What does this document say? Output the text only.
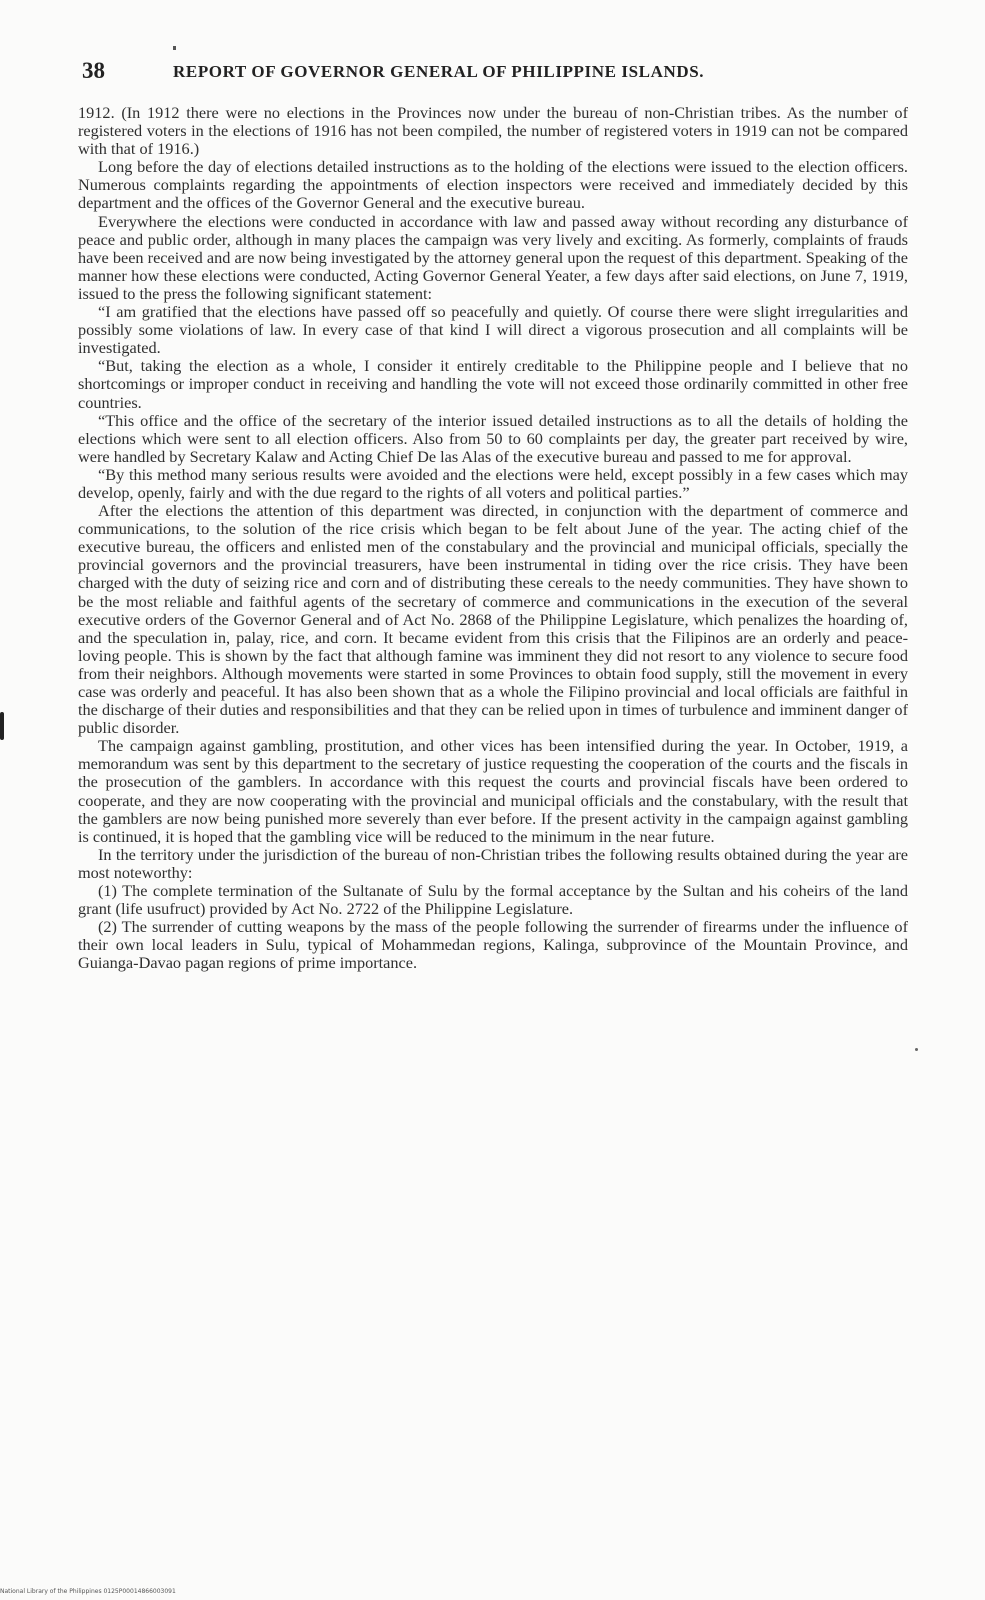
38	REPORT OF GOVERNOR GENERAL OF PHILIPPINE ISLANDS.

1912. (In 1912 there were no elections in the Provinces now under the bureau of non-Christian tribes. As the number of registered voters in the elections of 1916 has not been compiled, the number of registered voters in 1919 can not be compared with that of 1916.)

Long before the day of elections detailed instructions as to the holding of the elections were issued to the election officers. Numerous complaints regarding the appointments of election inspectors were received and immediately decided by this department and the offices of the Governor General and the executive bureau.

Everywhere the elections were conducted in accordance with law and passed away without recording any disturbance of peace and public order, although in many places the campaign was very lively and exciting. As formerly, complaints of frauds have been received and are now being investigated by the attorney general upon the request of this department. Speaking of the manner how these elections were conducted, Acting Governor General Yeater, a few days after said elections, on June 7, 1919, issued to the press the following significant statement:

“I am gratified that the elections have passed off so peacefully and quietly. Of course there were slight irregularities and possibly some violations of law. In every case of that kind I will direct a vigorous prosecution and all complaints will be investigated.

“But, taking the election as a whole, I consider it entirely creditable to the Philippine people and I believe that no shortcomings or improper conduct in receiving and handling the vote will not exceed those ordinarily committed in other free countries.

“This office and the office of the secretary of the interior issued detailed instructions as to all the details of holding the elections which were sent to all election officers. Also from 50 to 60 complaints per day, the greater part received by wire, were handled by Secretary Kalaw and Acting Chief De las Alas of the executive bureau and passed to me for approval.

“By this method many serious results were avoided and the elections were held, except possibly in a few cases which may develop, openly, fairly and with the due regard to the rights of all voters and political parties.”

After the elections the attention of this department was directed, in conjunction with the department of commerce and communications, to the solution of the rice crisis which began to be felt about June of the year. The acting chief of the executive bureau, the officers and enlisted men of the constabulary and the provincial and municipal officials, specially the provincial governors and the provincial treasurers, have been instrumental in tiding over the rice crisis. They have been charged with the duty of seizing rice and corn and of distributing these cereals to the needy communities. They have shown to be the most reliable and faithful agents of the secretary of commerce and communications in the execution of the several executive orders of the Governor General and of Act No. 2868 of the Philippine Legislature, which penalizes the hoarding of, and the speculation in, palay, rice, and corn. It became evident from this crisis that the Filipinos are an orderly and peace-loving people. This is shown by the fact that although famine was imminent they did not resort to any violence to secure food from their neighbors. Although movements were started in some Provinces to obtain food supply, still the movement in every case was orderly and peaceful. It has also been shown that as a whole the Filipino provincial and local officials are faithful in the discharge of their duties and responsibilities and that they can be relied upon in times of turbulence and imminent danger of public disorder.

The campaign against gambling, prostitution, and other vices has been intensified during the year. In October, 1919, a memorandum was sent by this department to the secretary of justice requesting the cooperation of the courts and the fiscals in the prosecution of the gamblers. In accordance with this request the courts and provincial fiscals have been ordered to cooperate, and they are now cooperating with the provincial and municipal officials and the constabulary, with the result that the gamblers are now being punished more severely than ever before. If the present activity in the campaign against gambling is continued, it is hoped that the gambling vice will be reduced to the minimum in the near future.

In the territory under the jurisdiction of the bureau of non-Christian tribes the following results obtained during the year are most noteworthy:

(1) The complete termination of the Sultanate of Sulu by the formal acceptance by the Sultan and his coheirs of the land grant (life usufruct) provided by Act No. 2722 of the Philippine Legislature.

(2) The surrender of cutting weapons by the mass of the people following the surrender of firearms under the influence of their own local leaders in Sulu, typical of Mohammedan regions, Kalinga, subprovince of the Mountain Province, and Guianga-Davao pagan regions of prime importance.

National Library of the Philippines 0125P00014866003091
